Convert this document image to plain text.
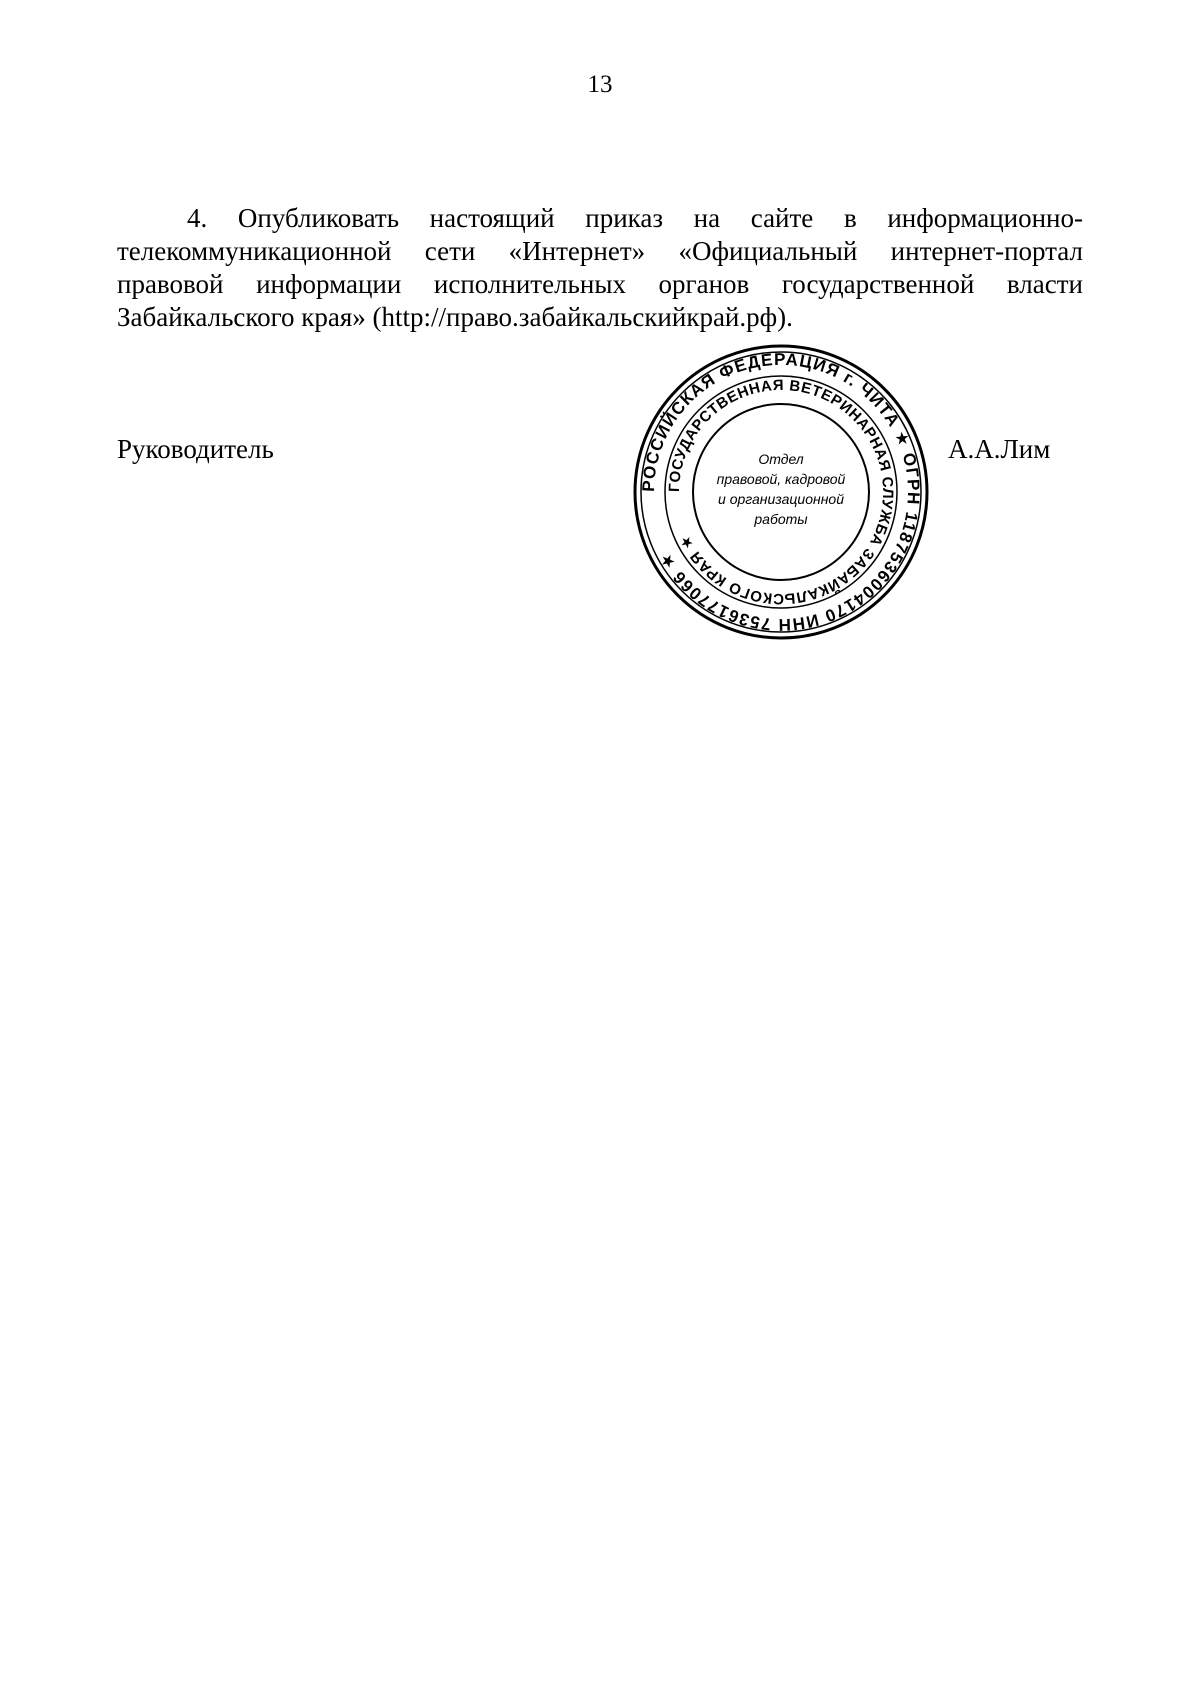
13

4. Опубликовать настоящий приказ на сайте в информационно-телекоммуникационной сети «Интернет» «Официальный интернет-портал правовой информации исполнительных органов государственной власти Забайкальского края» (http://право.забайкальскийкрай.рф).

Руководитель
РОССИЙСКАЯ ФЕДЕРАЦИЯ г. ЧИТА ★ ОГРН 1187536004170 ИНН 7536177066 ★
ГОСУДАРСТВЕННАЯ ВЕТЕРИНАРНАЯ СЛУЖБА ЗАБАЙКАЛЬСКОГО КРАЯ ★
Отдел
правовой, кадровой
и организационной
работы
А.А.Лим
